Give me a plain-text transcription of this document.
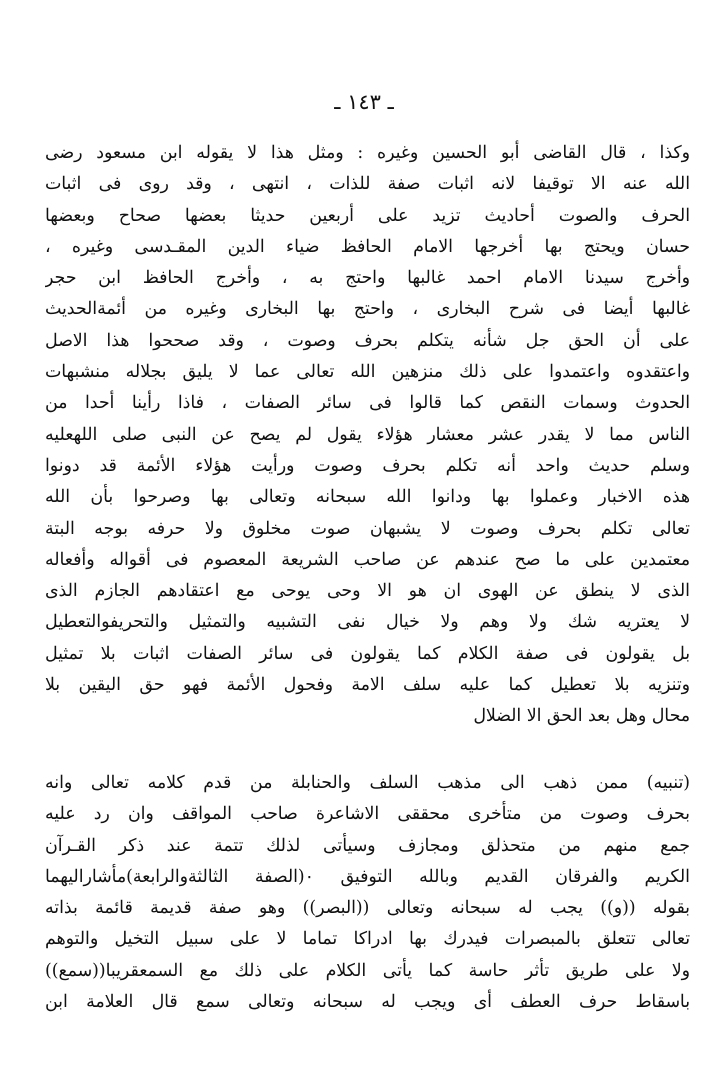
ـ ١٤٣ ـ
وكذا ، قال القاضى أبو الحسين وغيره : ومثل هذا لا يقوله ابن مسعود رضى
الله عنه الا توقيفا لانه اثبات صفة للذات ، انتهى ، وقد روى فى اثبات
الحرف والصوت أحاديث تزيد على أربعين حديثا بعضها صحاح وبعضها
حسان ويحتج بها أخرجها الامام الحافظ ضياء الدين المقـدسى وغيره ،
وأخرج سيدنا الامام احمد غالبها واحتج به ، وأخرج الحافظ ابن حجر
غالبها أيضا فى شرح البخارى ، واحتج بها البخارى وغيره من أئمةالحديث
على أن الحق جل شأنه يتكلم بحرف وصوت ، وقد صححوا هذا الاصل
واعتقدوه واعتمدوا على ذلك منزهين الله تعالى عما لا يليق بجلاله منشبهات
الحدوث وسمات النقص كما قالوا فى سائر الصفات ، فاذا رأينا أحدا من
الناس مما لا يقدر عشر معشار هؤلاء يقول لم يصح عن النبى صلى اللهعليه
وسلم حديث واحد أنه تكلم بحرف وصوت ورأيت هؤلاء الأئمة قد دونوا
هذه الاخبار وعملوا بها ودانوا الله سبحانه وتعالى بها وصرحوا بأن الله
تعالى تكلم بحرف وصوت لا يشبهان صوت مخلوق ولا حرفه بوجه البتة
معتمدين على ما صح عندهم عن صاحب الشريعة المعصوم فى أقواله وأفعاله
الذى لا ينطق عن الهوى ان هو الا وحى يوحى مع اعتقادهم الجازم الذى
لا يعتريه شك ولا وهم ولا خيال نفى التشبيه والتمثيل والتحريفوالتعطيل
بل يقولون فى صفة الكلام كما يقولون فى سائر الصفات اثبات بلا تمثيل
وتنزيه بلا تعطيل كما عليه سلف الامة وفحول الأئمة فهو حق اليقين بلا
محال وهل بعد الحق الا الضلال
(تنبيه) ممن ذهب الى مذهب السلف والحنابلة من قدم كلامه تعالى وانه
بحرف وصوت من متأخرى محققى الاشاعرة صاحب المواقف وان رد عليه
جمع منهم من متحذلق ومجازف وسيأتى لذلك تتمة عند ذكر القـرآن
الكريم والفرقان القديم وبالله التوفيق ٠(الصفة الثالثةوالرابعة)مأشاراليهما
بقوله ((و)) يجب له سبحانه وتعالى ((البصر)) وهو صفة قديمة قائمة بذاته
تعالى تتعلق بالمبصرات فيدرك بها ادراكا تماما لا على سبيل التخيل والتوهم
ولا على طريق تأثر حاسة كما يأتى الكلام على ذلك مع السمعقريبا((سمع))
باسقاط حرف العطف أى ويجب له سبحانه وتعالى سمع قال العلامة ابن
